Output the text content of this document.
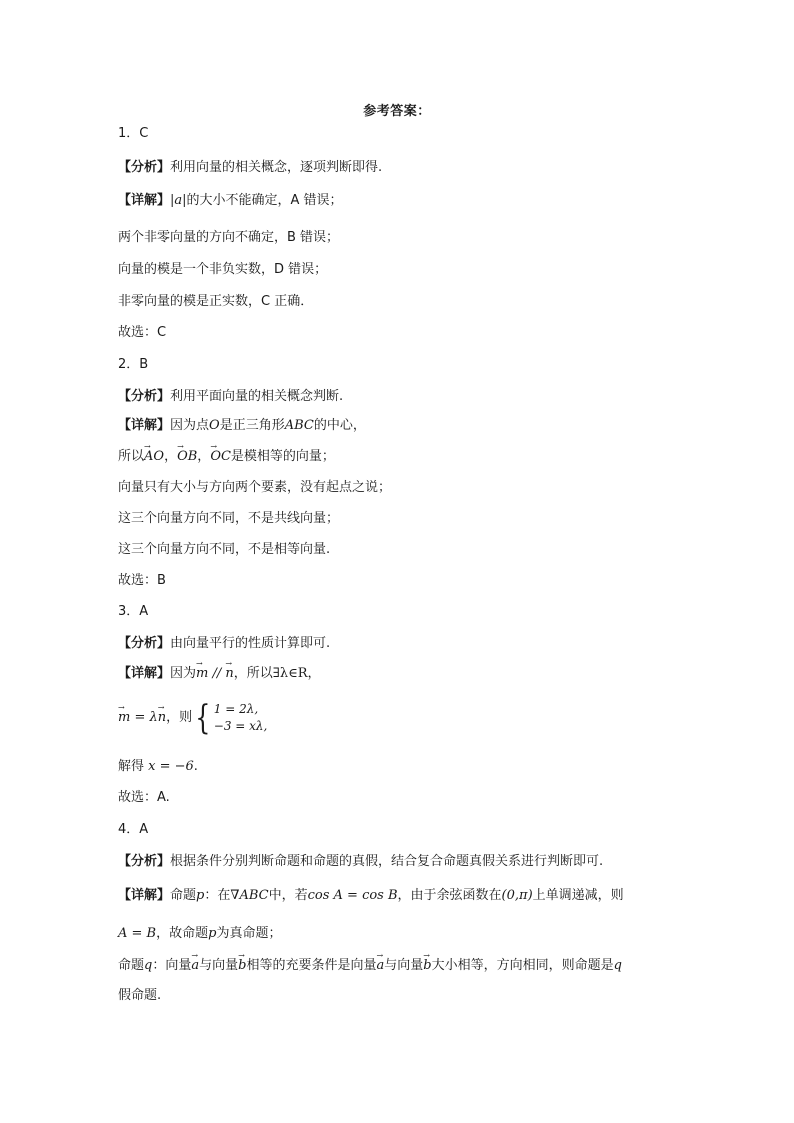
参考答案：
1．C
【分析】利用向量的相关概念，逐项判断即得.
【详解】|a|的大小不能确定，A 错误；
两个非零向量的方向不确定，B 错误；
向量的模是一个非负实数，D 错误；
非零向量的模是正实数，C 正确．
故选：C
2．B
【分析】利用平面向量的相关概念判断.
【详解】因为点O是正三角形ABC的中心，
所以→ AO，→ OB，→ OC是模相等的向量；
向量只有大小与方向两个要素，没有起点之说；
这三个向量方向不同，不是共线向量；
这三个向量方向不同，不是相等向量.
故选：B
3．A
【分析】由向量平行的性质计算即可.
【详解】因为→ m // → n，所以∃λ∈R，
→ m = λ→ n，则{ 1 = 2λ,
−3 = xλ,
解得 x = −6.
故选：A.
4．A
【分析】根据条件分别判断命题和命题的真假，结合复合命题真假关系进行判断即可.
【详解】命题p：在∇ABC中，若cos A = cos B，由于余弦函数在(0,π)上单调递减，则
A = B，故命题p为真命题；
命题q：向量→ a与向量→ b相等的充要条件是向量→ a与向量→ b大小相等，方向相同，则命题是q
假命题.
